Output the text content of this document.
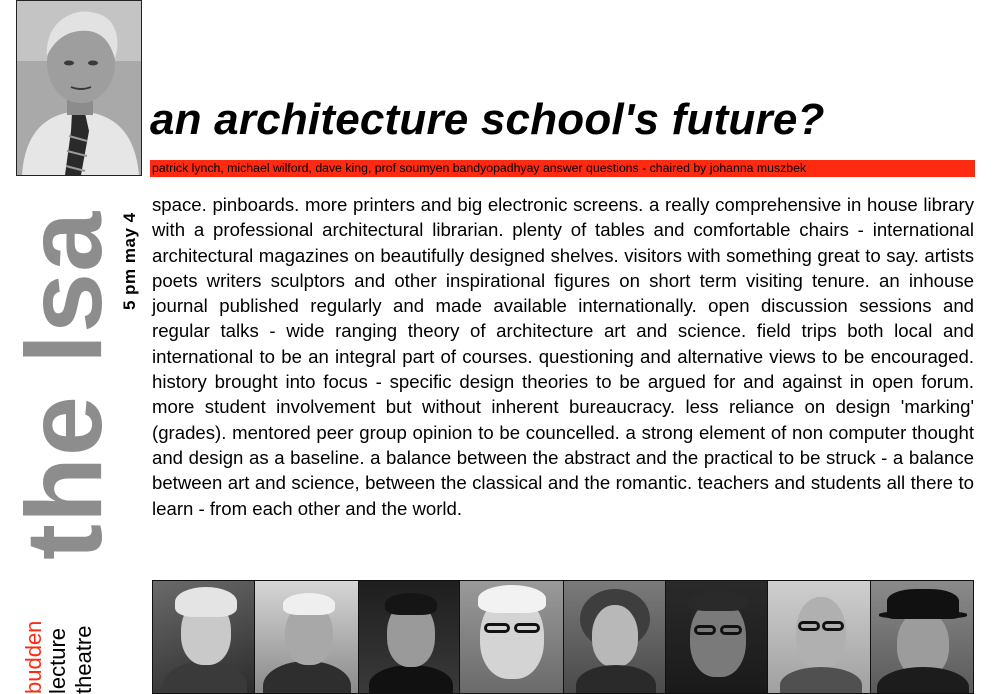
an architecture school's future?
patrick lynch, michael wilford, dave king, prof soumyen bandyopadhyay answer questions - chaired by johanna muszbek
the lsa
5 pm may 4
budden lecture theatre
space. pinboards. more printers and big electronic screens. a really comprehensive in house library with a professional architectural librarian. plenty of tables and comfortable chairs - international architectural magazines on beautifully designed shelves. visitors with something great to say. artists poets writers sculptors and other inspirational figures on short term visiting tenure. an inhouse journal published regularly and made available internationally. open discussion sessions and regular talks - wide ranging theory of architecture art and science. field trips both local and international to be an integral part of courses. questioning and alternative views to be encouraged. history brought into focus - specific design theories to be argued for and against in open forum. more student involvement but without inherent bureaucracy. less reliance on design 'marking' (grades). mentored peer group opinion to be councelled. a strong element of non computer thought and design as a baseline. a balance between the abstract and the practical to be struck - a balance between art and science, between the classical and the romantic. teachers and students all there to learn - from each other and the world.
